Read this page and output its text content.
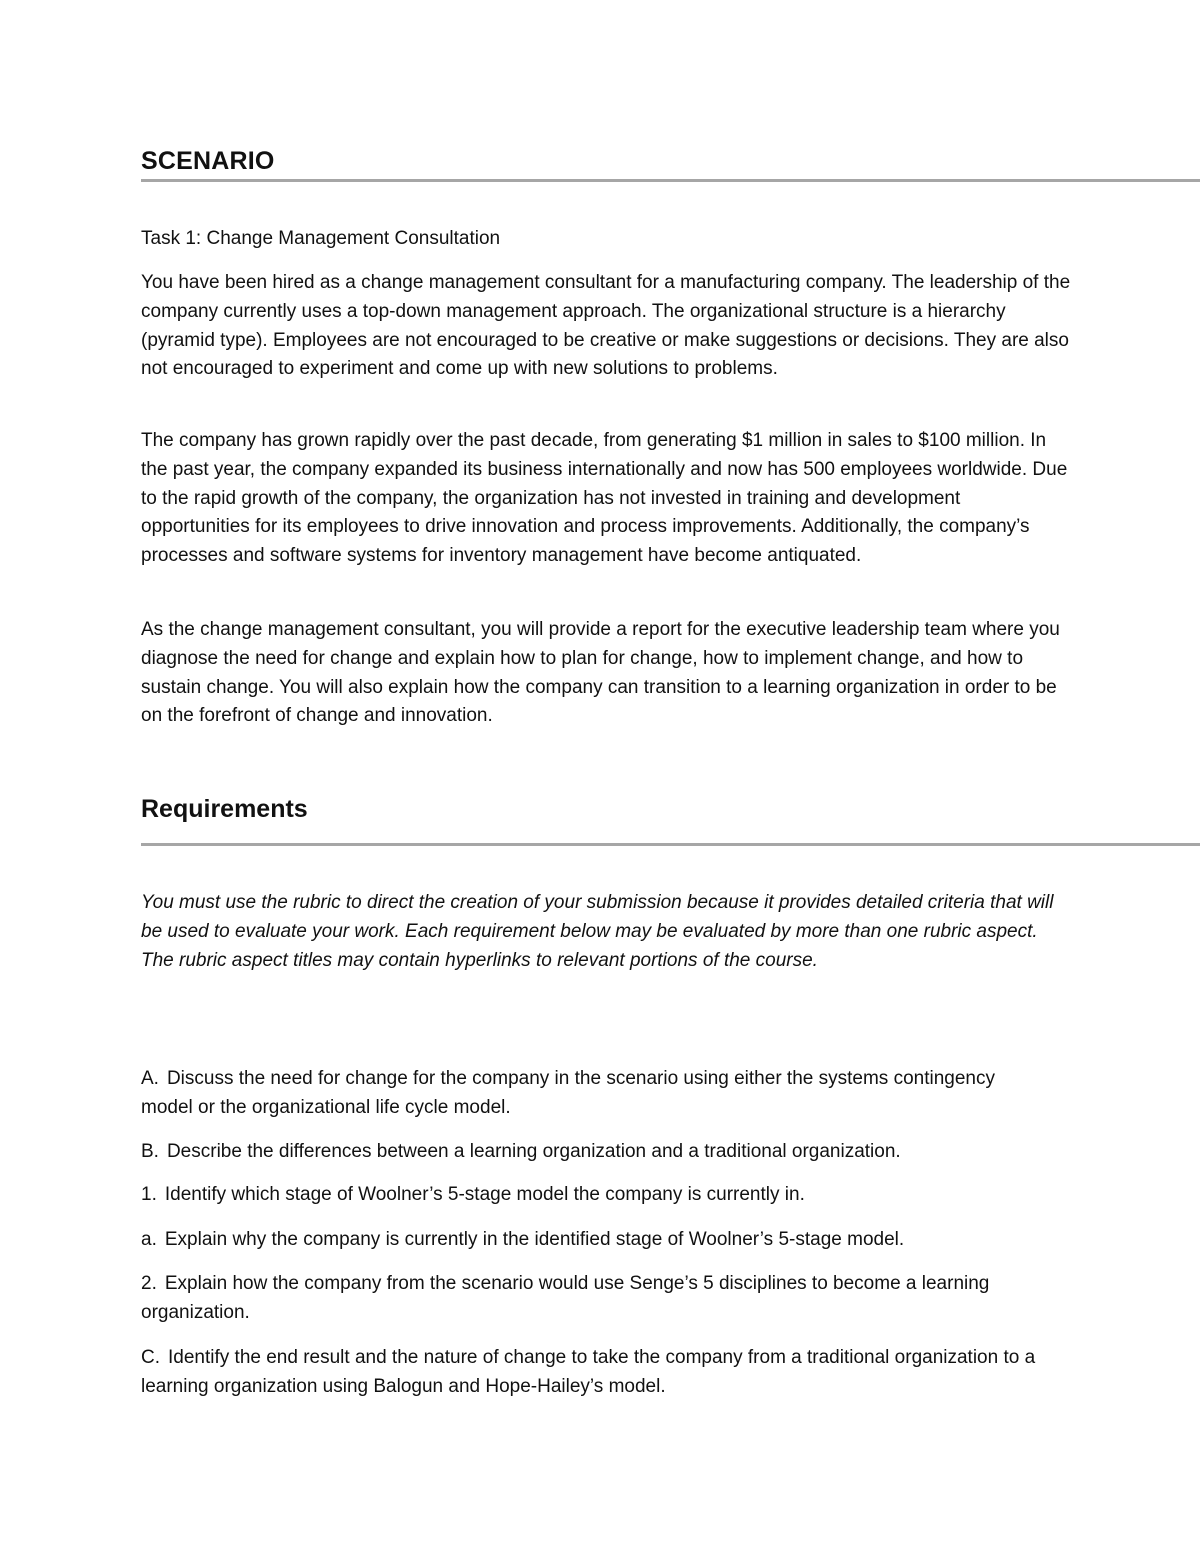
SCENARIO

Task 1: Change Management Consultation

You have been hired as a change management consultant for a manufacturing company. The leadership of the company currently uses a top-down management approach. The organizational structure is a hierarchy (pyramid type). Employees are not encouraged to be creative or make suggestions or decisions. They are also not encouraged to experiment and come up with new solutions to problems.

The company has grown rapidly over the past decade, from generating $1 million in sales to $100 million. In the past year, the company expanded its business internationally and now has 500 employees worldwide. Due to the rapid growth of the company, the organization has not invested in training and development opportunities for its employees to drive innovation and process improvements. Additionally, the company’s processes and software systems for inventory management have become antiquated.

As the change management consultant, you will provide a report for the executive leadership team where you diagnose the need for change and explain how to plan for change, how to implement change, and how to sustain change. You will also explain how the company can transition to a learning organization in order to be on the forefront of change and innovation.

Requirements

You must use the rubric to direct the creation of your submission because it provides detailed criteria that will be used to evaluate your work. Each requirement below may be evaluated by more than one rubric aspect. The rubric aspect titles may contain hyperlinks to relevant portions of the course.

A. Discuss the need for change for the company in the scenario using either the systems contingency model or the organizational life cycle model.

B. Describe the differences between a learning organization and a traditional organization.

1. Identify which stage of Woolner’s 5-stage model the company is currently in.

a. Explain why the company is currently in the identified stage of Woolner’s 5-stage model.

2. Explain how the company from the scenario would use Senge’s 5 disciplines to become a learning organization.

C. Identify the end result and the nature of change to take the company from a traditional organization to a learning organization using Balogun and Hope-Hailey’s model.
